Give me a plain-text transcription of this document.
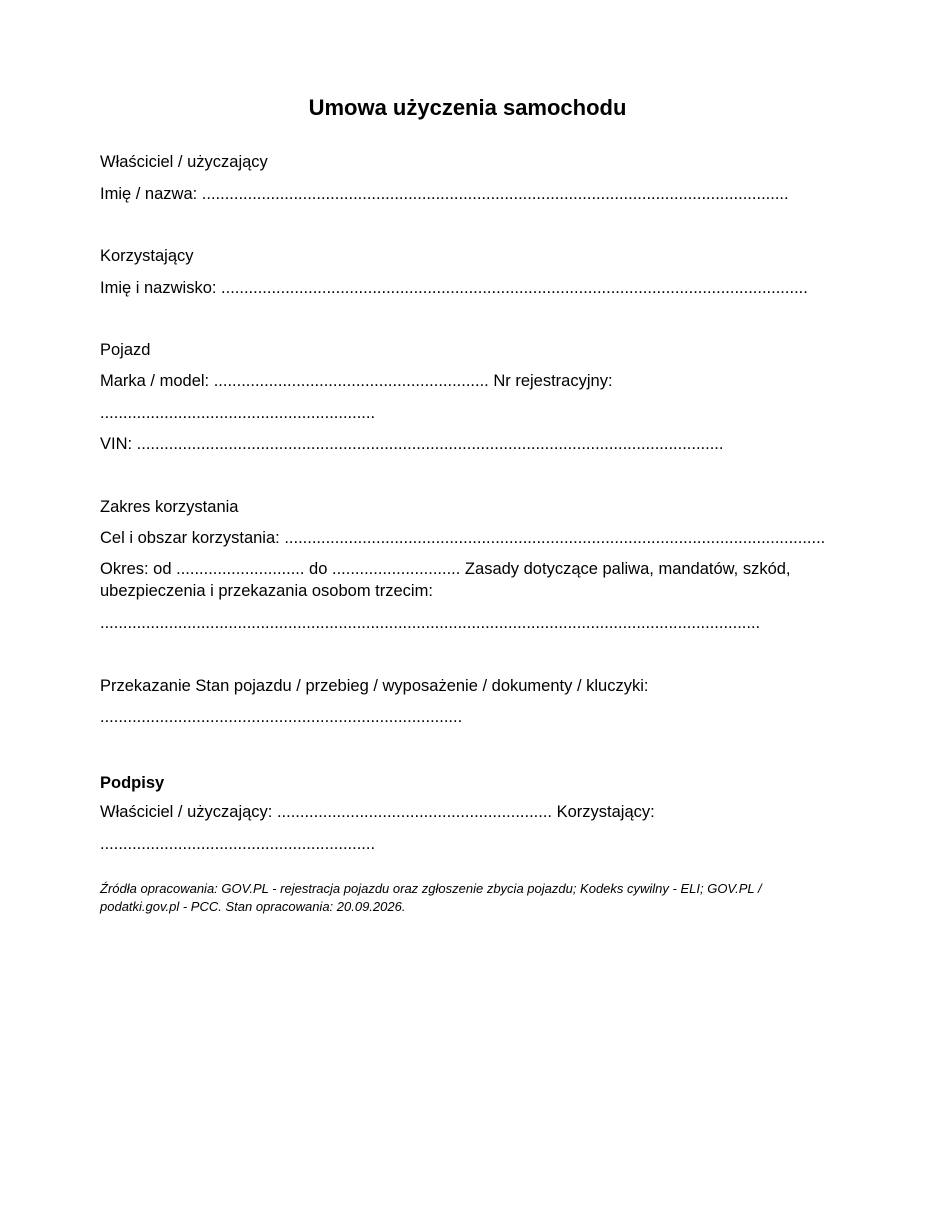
Umowa użyczenia samochodu
Właściciel / użyczający
Imię / nazwa: ................................................................................................................................
Korzystający
Imię i nazwisko: ................................................................................................................................
Pojazd
Marka / model: ............................................................ Nr rejestracyjny:
............................................................
VIN: ................................................................................................................................
Zakres korzystania
Cel i obszar korzystania: ......................................................................................................................
Okres: od ............................ do ............................ Zasady dotyczące paliwa, mandatów, szkód, ubezpieczenia i przekazania osobom trzecim:
................................................................................................................................................
Przekazanie Stan pojazdu / przebieg / wyposażenie / dokumenty / kluczyki:
...............................................................................
Podpisy
Właściciel / użyczający: ............................................................ Korzystający:
............................................................
Źródła opracowania: GOV.PL - rejestracja pojazdu oraz zgłoszenie zbycia pojazdu; Kodeks cywilny - ELI; GOV.PL / podatki.gov.pl - PCC. Stan opracowania: 20.09.2026.
